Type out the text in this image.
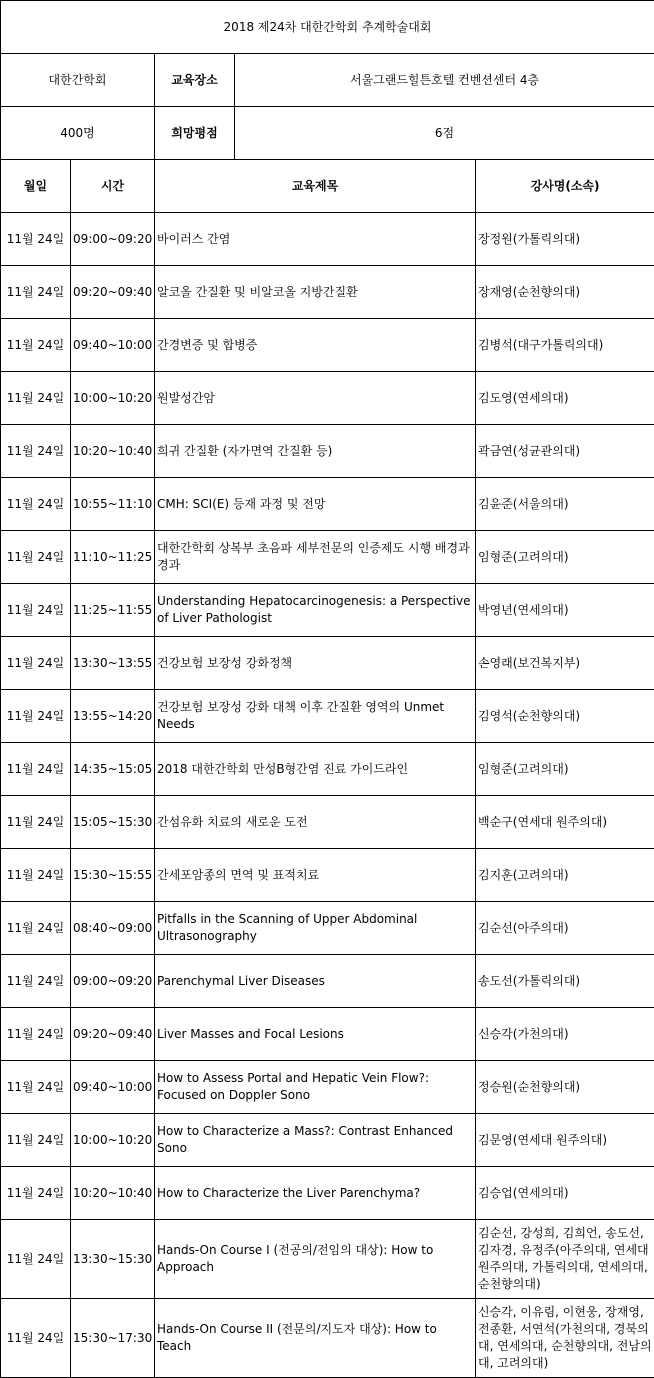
2018 제24차 대한간학회 추계학술대회				
대한간학회		교육장소	서울그랜드힐튼호텔 컨벤션센터 4층	
400명		희망평점	6점	
월일	시간	교육제목		강사명(소속)
11월 24일	09:00~09:20	바이러스 간염		장정원(가톨릭의대)
11월 24일	09:20~09:40	알코올 간질환 및 비알코올 지방간질환		장재영(순천향의대)
11월 24일	09:40~10:00	간경변증 및 합병증		김병석(대구가톨릭의대)
11월 24일	10:00~10:20	원발성간암		김도영(연세의대)
11월 24일	10:20~10:40	희귀 간질환 (자가면역 간질환 등)		곽금연(성균관의대)
11월 24일	10:55~11:10	CMH: SCI(E) 등재 과정 및 전망		김윤준(서울의대)
11월 24일	11:10~11:25	대한간학회 상복부 초음파 세부전문의 인증제도 시행 배경과 경과		임형준(고려의대)
11월 24일	11:25~11:55	Understanding Hepatocarcinogenesis: a Perspective of Liver Pathologist		박영년(연세의대)
11월 24일	13:30~13:55	건강보험 보장성 강화정책		손영래(보건복지부)
11월 24일	13:55~14:20	건강보험 보장성 강화 대책 이후 간질환 영역의 Unmet Needs		김영석(순천향의대)
11월 24일	14:35~15:05	2018 대한간학회 만성B형간염 진료 가이드라인		임형준(고려의대)
11월 24일	15:05~15:30	간섬유화 치료의 새로운 도전		백순구(연세대 원주의대)
11월 24일	15:30~15:55	간세포암종의 면역 및 표적치료		김지훈(고려의대)
11월 24일	08:40~09:00	Pitfalls in the Scanning of Upper Abdominal Ultrasonography		김순선(아주의대)
11월 24일	09:00~09:20	Parenchymal Liver Diseases		송도선(가톨릭의대)
11월 24일	09:20~09:40	Liver Masses and Focal Lesions		신승각(가천의대)
11월 24일	09:40~10:00	How to Assess Portal and Hepatic Vein Flow?: Focused on Doppler Sono		정승원(순천향의대)
11월 24일	10:00~10:20	How to Characterize a Mass?: Contrast Enhanced Sono		김문영(연세대 원주의대)
11월 24일	10:20~10:40	How to Characterize the Liver Parenchyma?		김승업(연세의대)
11월 24일	13:30~15:30	Hands-On Course I (전공의/전임의 대상): How to Approach		김순선, 강성희, 김희언, 송도선, 김자경, 유정주(아주의대, 연세대 원주의대, 가톨릭의대, 연세의대,순천향의대)
11월 24일	15:30~17:30	Hands-On Course II (전문의/지도자 대상): How to Teach		신승각, 이유림, 이현웅, 장재영, 전종환, 서연석(가천의대, 경북의대, 연세의대, 순천향의대, 전남의대, 고려의대)
